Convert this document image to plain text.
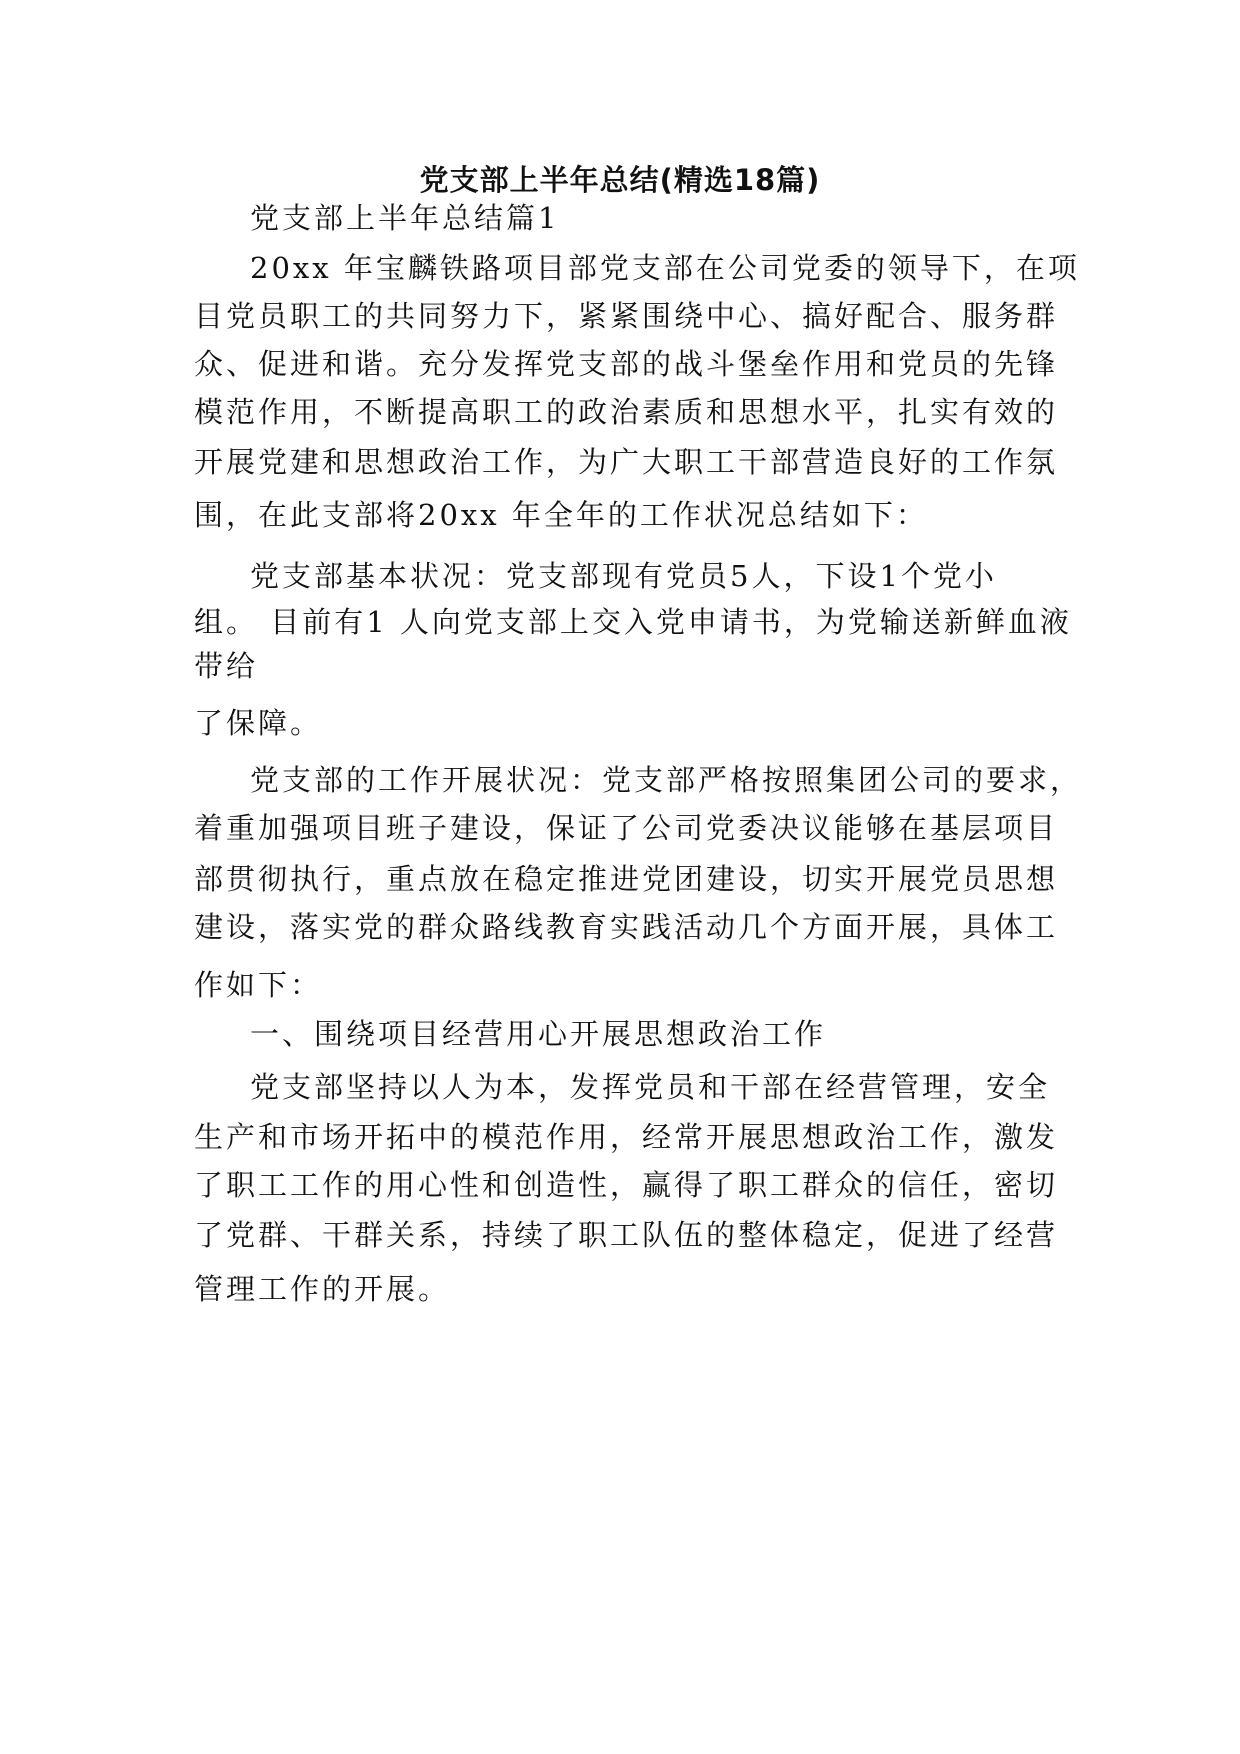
党支部上半年总结(精选18篇)
党支部上半年总结篇1
20xx 年宝麟铁路项目部党支部在公司党委的领导下，在项
目党员职工的共同努力下，紧紧围绕中心、搞好配合、服务群
众、促进和谐。充分发挥党支部的战斗堡垒作用和党员的先锋
模范作用，不断提高职工的政治素质和思想水平，扎实有效的
开展党建和思想政治工作，为广大职工干部营造良好的工作氛
围，在此支部将20xx 年全年的工作状况总结如下：
党支部基本状况：党支部现有党员5人，下设1个党小
组。 目前有1 人向党支部上交入党申请书，为党输送新鲜血液
带给
了保障。
党支部的工作开展状况：党支部严格按照集团公司的要求，
着重加强项目班子建设，保证了公司党委决议能够在基层项目
部贯彻执行，重点放在稳定推进党团建设，切实开展党员思想
建设，落实党的群众路线教育实践活动几个方面开展，具体工
作如下：
一、围绕项目经营用心开展思想政治工作
党支部坚持以人为本，发挥党员和干部在经营管理，安全
生产和市场开拓中的模范作用，经常开展思想政治工作，激发
了职工工作的用心性和创造性，赢得了职工群众的信任，密切
了党群、干群关系，持续了职工队伍的整体稳定，促进了经营
管理工作的开展。
